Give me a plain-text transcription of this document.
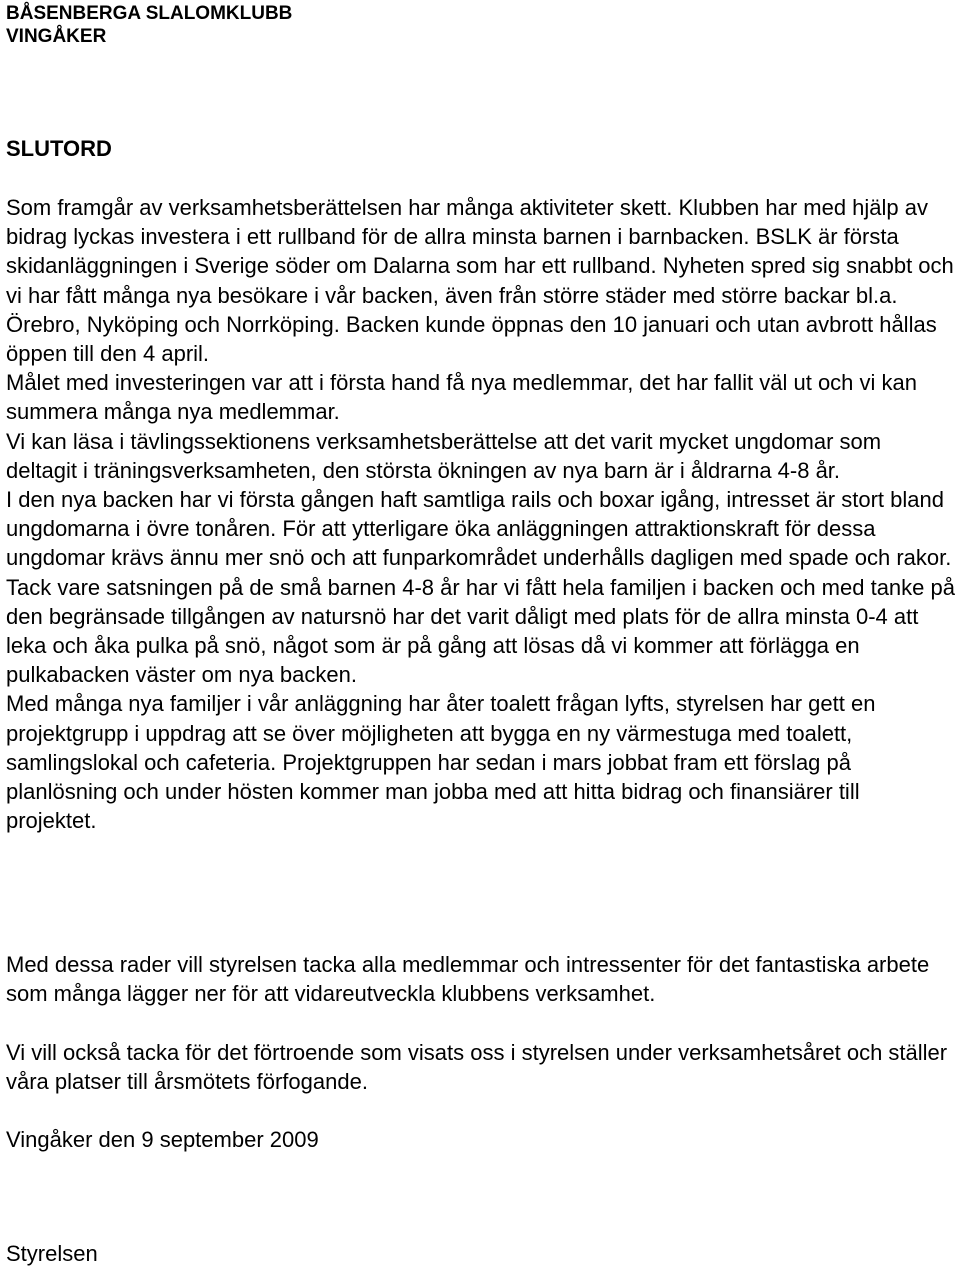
BÅSENBERGA SLALOMKLUBB
VINGÅKER
SLUTORD

Som framgår av verksamhetsberättelsen har många aktiviteter skett. Klubben har med hjälp av bidrag lyckas investera i ett rullband för de allra minsta barnen i barnbacken. BSLK är första skidanläggningen i Sverige söder om Dalarna som har ett rullband. Nyheten spred sig snabbt och vi har fått många nya besökare i vår backen, även från större städer med större backar bl.a. Örebro, Nyköping och Norrköping. Backen kunde öppnas den 10 januari och utan avbrott hållas öppen till den 4 april.

Målet med investeringen var att i första hand få nya medlemmar, det har fallit väl ut och vi kan summera många nya medlemmar.

Vi kan läsa i tävlingssektionens verksamhetsberättelse att det varit mycket ungdomar som deltagit i träningsverksamheten, den största ökningen av nya barn är i åldrarna 4-8 år.

I den nya backen har vi första gången haft samtliga rails och boxar igång, intresset är stort bland ungdomarna i övre tonåren. För att ytterligare öka anläggningen attraktionskraft för dessa ungdomar krävs ännu mer snö och att funparkområdet underhålls dagligen med spade och rakor.

Tack vare satsningen på de små barnen 4-8 år har vi fått hela familjen i backen och med tanke på den begränsade tillgången av natursnö har det varit dåligt med plats för de allra minsta 0-4 att leka och åka pulka på snö, något som är på gång att lösas då vi kommer att förlägga en pulkabacken väster om nya backen.

Med många nya familjer i vår anläggning har åter toalett frågan lyfts, styrelsen har gett en projektgrupp i uppdrag att se över möjligheten att bygga en ny värmestuga med toalett, samlingslokal och cafeteria. Projektgruppen har sedan i mars jobbat fram ett förslag på planlösning och under hösten kommer man jobba med att hitta bidrag och finansiärer till projektet.

Med dessa rader vill styrelsen tacka alla medlemmar och intressenter för det fantastiska arbete som många lägger ner för att vidareutveckla klubbens verksamhet.

Vi vill också tacka för det förtroende som visats oss i styrelsen under verksamhetsåret och ställer våra platser till årsmötets förfogande.

Vingåker den 9 september 2009

Styrelsen
